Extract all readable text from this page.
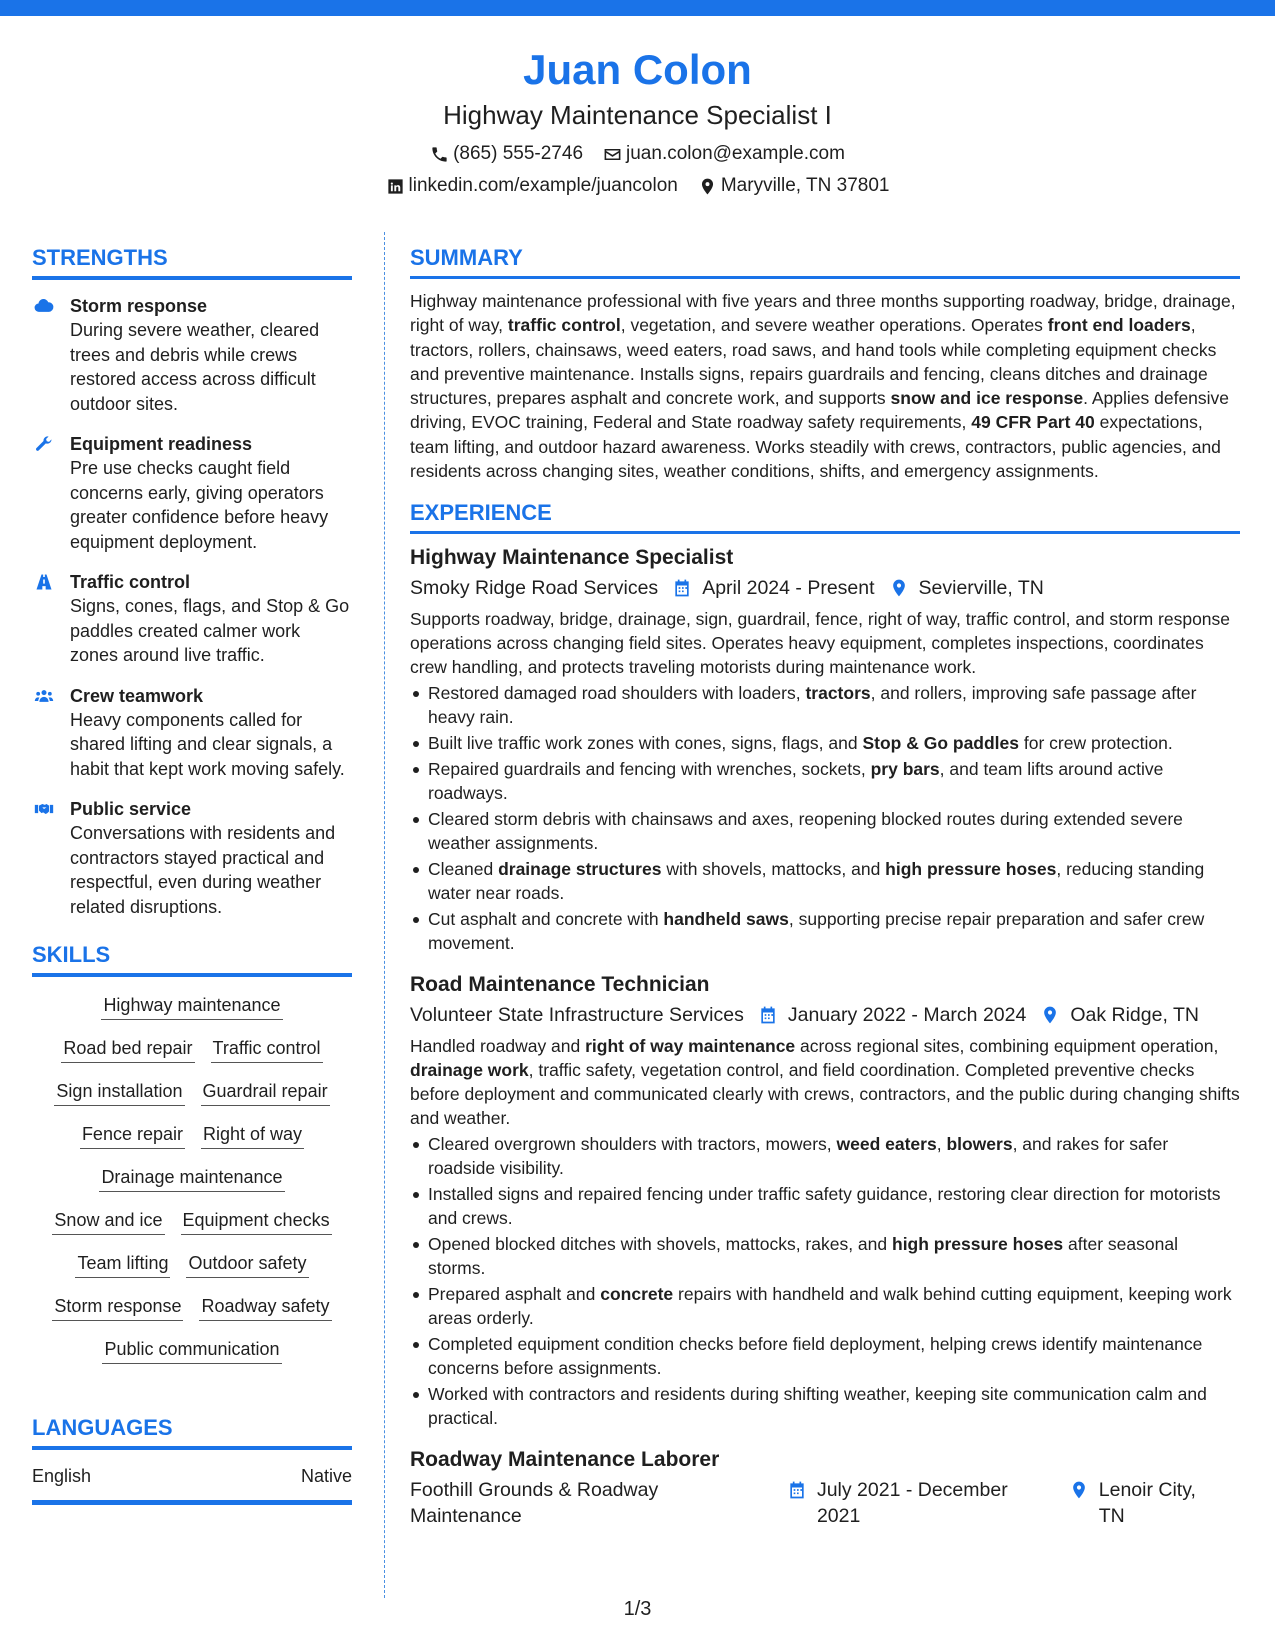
Juan Colon
Highway Maintenance Specialist I
(865) 555-2746 juan.colon@example.com
linkedin.com/example/juancolon Maryville, TN 37801
STRENGTHS
Storm response
During severe weather, cleared trees and debris while crews restored access across difficult outdoor sites.
Equipment readiness
Pre use checks caught field concerns early, giving operators greater confidence before heavy equipment deployment.
Traffic control
Signs, cones, flags, and Stop & Go paddles created calmer work zones around live traffic.
Crew teamwork
Heavy components called for shared lifting and clear signals, a habit that kept work moving safely.
Public service
Conversations with residents and contractors stayed practical and respectful, even during weather related disruptions.
SKILLS
Highway maintenance
Road bed repair Traffic control
Sign installation Guardrail repair
Fence repair Right of way
Drainage maintenance
Snow and ice Equipment checks
Team lifting Outdoor safety
Storm response Roadway safety
Public communication
LANGUAGES
English	Native
SUMMARY

Highway maintenance professional with five years and three months supporting roadway, bridge, drainage, right of way, traffic control, vegetation, and severe weather operations. Operates front end loaders, tractors, rollers, chainsaws, weed eaters, road saws, and hand tools while completing equipment checks and preventive maintenance. Installs signs, repairs guardrails and fencing, cleans ditches and drainage structures, prepares asphalt and concrete work, and supports snow and ice response. Applies defensive driving, EVOC training, Federal and State roadway safety requirements, 49 CFR Part 40 expectations, team lifting, and outdoor hazard awareness. Works steadily with crews, contractors, public agencies, and residents across changing sites, weather conditions, shifts, and emergency assignments.

EXPERIENCE
Highway Maintenance Specialist
Smoky Ridge Road Services April 2024 - Present Sevierville, TN

Supports roadway, bridge, drainage, sign, guardrail, fence, right of way, traffic control, and storm response operations across changing field sites. Operates heavy equipment, completes inspections, coordinates crew handling, and protects traveling motorists during maintenance work.

Restored damaged road shoulders with loaders, tractors, and rollers, improving safe passage after heavy rain.
Built live traffic work zones with cones, signs, flags, and Stop & Go paddles for crew protection.
Repaired guardrails and fencing with wrenches, sockets, pry bars, and team lifts around active roadways.
Cleared storm debris with chainsaws and axes, reopening blocked routes during extended severe weather assignments.
Cleaned drainage structures with shovels, mattocks, and high pressure hoses, reducing standing water near roads.
Cut asphalt and concrete with handheld saws, supporting precise repair preparation and safer crew movement.
Road Maintenance Technician
Volunteer State Infrastructure Services January 2022 - March 2024 Oak Ridge, TN

Handled roadway and right of way maintenance across regional sites, combining equipment operation, drainage work, traffic safety, vegetation control, and field coordination. Completed preventive checks before deployment and communicated clearly with crews, contractors, and the public during changing shifts and weather.

Cleared overgrown shoulders with tractors, mowers, weed eaters, blowers, and rakes for safer roadside visibility.
Installed signs and repaired fencing under traffic safety guidance, restoring clear direction for motorists and crews.
Opened blocked ditches with shovels, mattocks, rakes, and high pressure hoses after seasonal storms.
Prepared asphalt and concrete repairs with handheld and walk behind cutting equipment, keeping work areas orderly.
Completed equipment condition checks before field deployment, helping crews identify maintenance concerns before assignments.
Worked with contractors and residents during shifting weather, keeping site communication calm and practical.
Roadway Maintenance Laborer
Foothill Grounds & Roadway Maintenance
July 2021 - December 2021
Lenoir City, TN
1/3
